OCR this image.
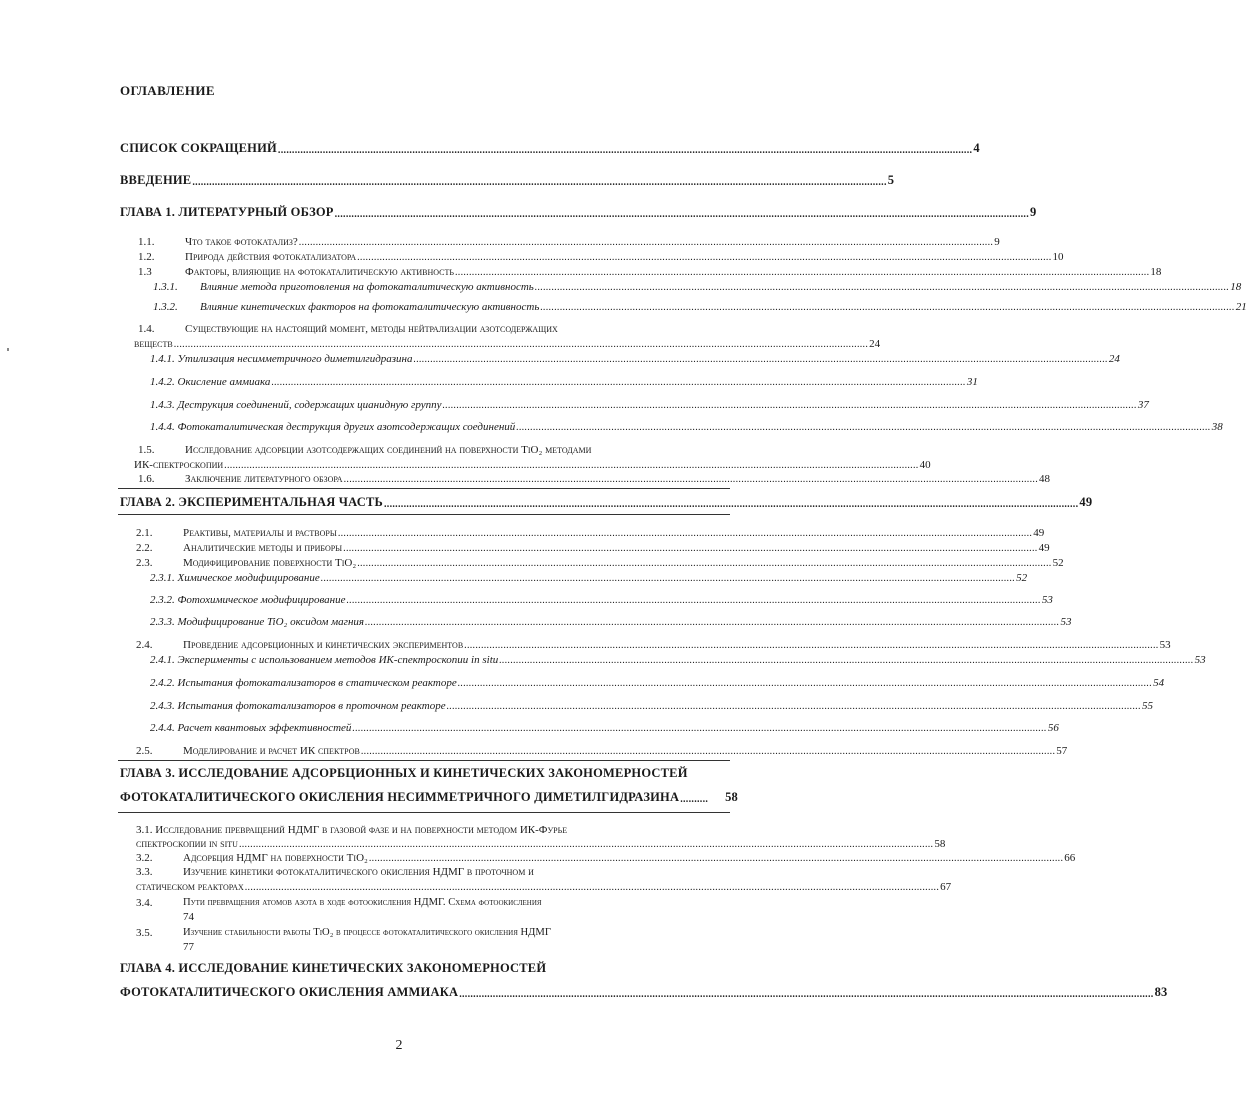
ОГЛАВЛЕНИЕ
СПИСОК СОКРАЩЕНИЙ ........................................................................................................................................................................................................................................................ 4
ВВЕДЕНИЕ ........................................................................................................................................................................................................................................................ 5
ГЛАВА 1. ЛИТЕРАТУРНЫЙ ОБЗОР ........................................................................................................................................................................................................................................................ 9
1.1.	Что такое фотокатализ? ........................................................................................................................................................................................................................................................ 9
1.2.	Природа действия фотокатализатора ........................................................................................................................................................................................................................................................ 10
1.3	Факторы, влияющие на фотокаталитическую активность ........................................................................................................................................................................................................................................................ 18
1.3.1. Влияние метода приготовления на фотокаталитическую активность ........................................................................................................................................................................................................................................................ 18
1.3.2. Влияние кинетических факторов на фотокаталитическую активность ........................................................................................................................................................................................................................................................ 21
1.4.	Существующие на настоящий момент, методы нейтрализации азотсодержащих
веществ ........................................................................................................................................................................................................................................................ 24
1.4.1. Утилизация несимметричного диметилгидразина ........................................................................................................................................................................................................................................................ 24
1.4.2. Окисление аммиака ........................................................................................................................................................................................................................................................ 31
1.4.3. Деструкция соединений, содержащих цианидную группу ........................................................................................................................................................................................................................................................ 37
1.4.4. Фотокаталитическая деструкция других азотсодержащих соединений ........................................................................................................................................................................................................................................................ 38
1.5.	Исследование адсорбции азотсодержащих соединений на поверхности TiO₂ методами
ИК-спектроскопии ........................................................................................................................................................................................................................................................ 40
1.6.	Заключение литературного обзора ........................................................................................................................................................................................................................................................ 48
ГЛАВА 2. ЭКСПЕРИМЕНТАЛЬНАЯ ЧАСТЬ ........................................................................................................................................................................................................................................................ 49
2.1.	Реактивы, материалы и растворы ........................................................................................................................................................................................................................................................ 49
2.2.	Аналитические методы и приборы ........................................................................................................................................................................................................................................................ 49
2.3.	Модифицирование поверхности TiO₂ ........................................................................................................................................................................................................................................................ 52
2.3.1. Химическое модифицирование ........................................................................................................................................................................................................................................................ 52
2.3.2. Фотохимическое модифицирование ........................................................................................................................................................................................................................................................ 53
2.3.3. Модифицирование TiO₂ оксидом магния ........................................................................................................................................................................................................................................................ 53
2.4.	Проведение адсорбционных и кинетических экспериментов ........................................................................................................................................................................................................................................................ 53
2.4.1. Эксперименты с использованием методов ИК-спектроскопии in situ ........................................................................................................................................................................................................................................................ 53
2.4.2. Испытания фотокатализаторов в статическом реакторе ........................................................................................................................................................................................................................................................ 54
2.4.3. Испытания фотокатализаторов в проточном реакторе ........................................................................................................................................................................................................................................................ 55
2.4.4. Расчет квантовых эффективностей ........................................................................................................................................................................................................................................................ 56
2.5.	Моделирование и расчет ИК спектров ........................................................................................................................................................................................................................................................ 57
ГЛАВА 3. ИССЛЕДОВАНИЕ АДСОРБЦИОННЫХ И КИНЕТИЧЕСКИХ ЗАКОНОМЕРНОСТЕЙ
ФОТОКАТАЛИТИЧЕСКОГО ОКИСЛЕНИЯ НЕСИММЕТРИЧНОГО ДИМЕТИЛГИДРАЗИНА ..........	58
3.1. Исследование превращений НДМГ в газовой фазе и на поверхности методом ИК-Фурье
спектроскопии in situ ........................................................................................................................................................................................................................................................ 58
3.2.	Адсорбция НДМГ на поверхности TiO₂ ........................................................................................................................................................................................................................................................ 66
3.3.	Изучение кинетики фотокаталитического окисления НДМГ в проточном и
статическом реакторах ........................................................................................................................................................................................................................................................ 67
3.4.	Пути превращения атомов азота в ходе фотоокисления НДМГ. Схема фотоокисления
74
3.5.	Изучение стабильности работы TiO₂ в процессе фотокаталитического окисления НДМГ
77
ГЛАВА 4. ИССЛЕДОВАНИЕ КИНЕТИЧЕСКИХ ЗАКОНОМЕРНОСТЕЙ
ФОТОКАТАЛИТИЧЕСКОГО ОКИСЛЕНИЯ АММИАКА ........................................................................................................................................................................................................................................................ 83
2
